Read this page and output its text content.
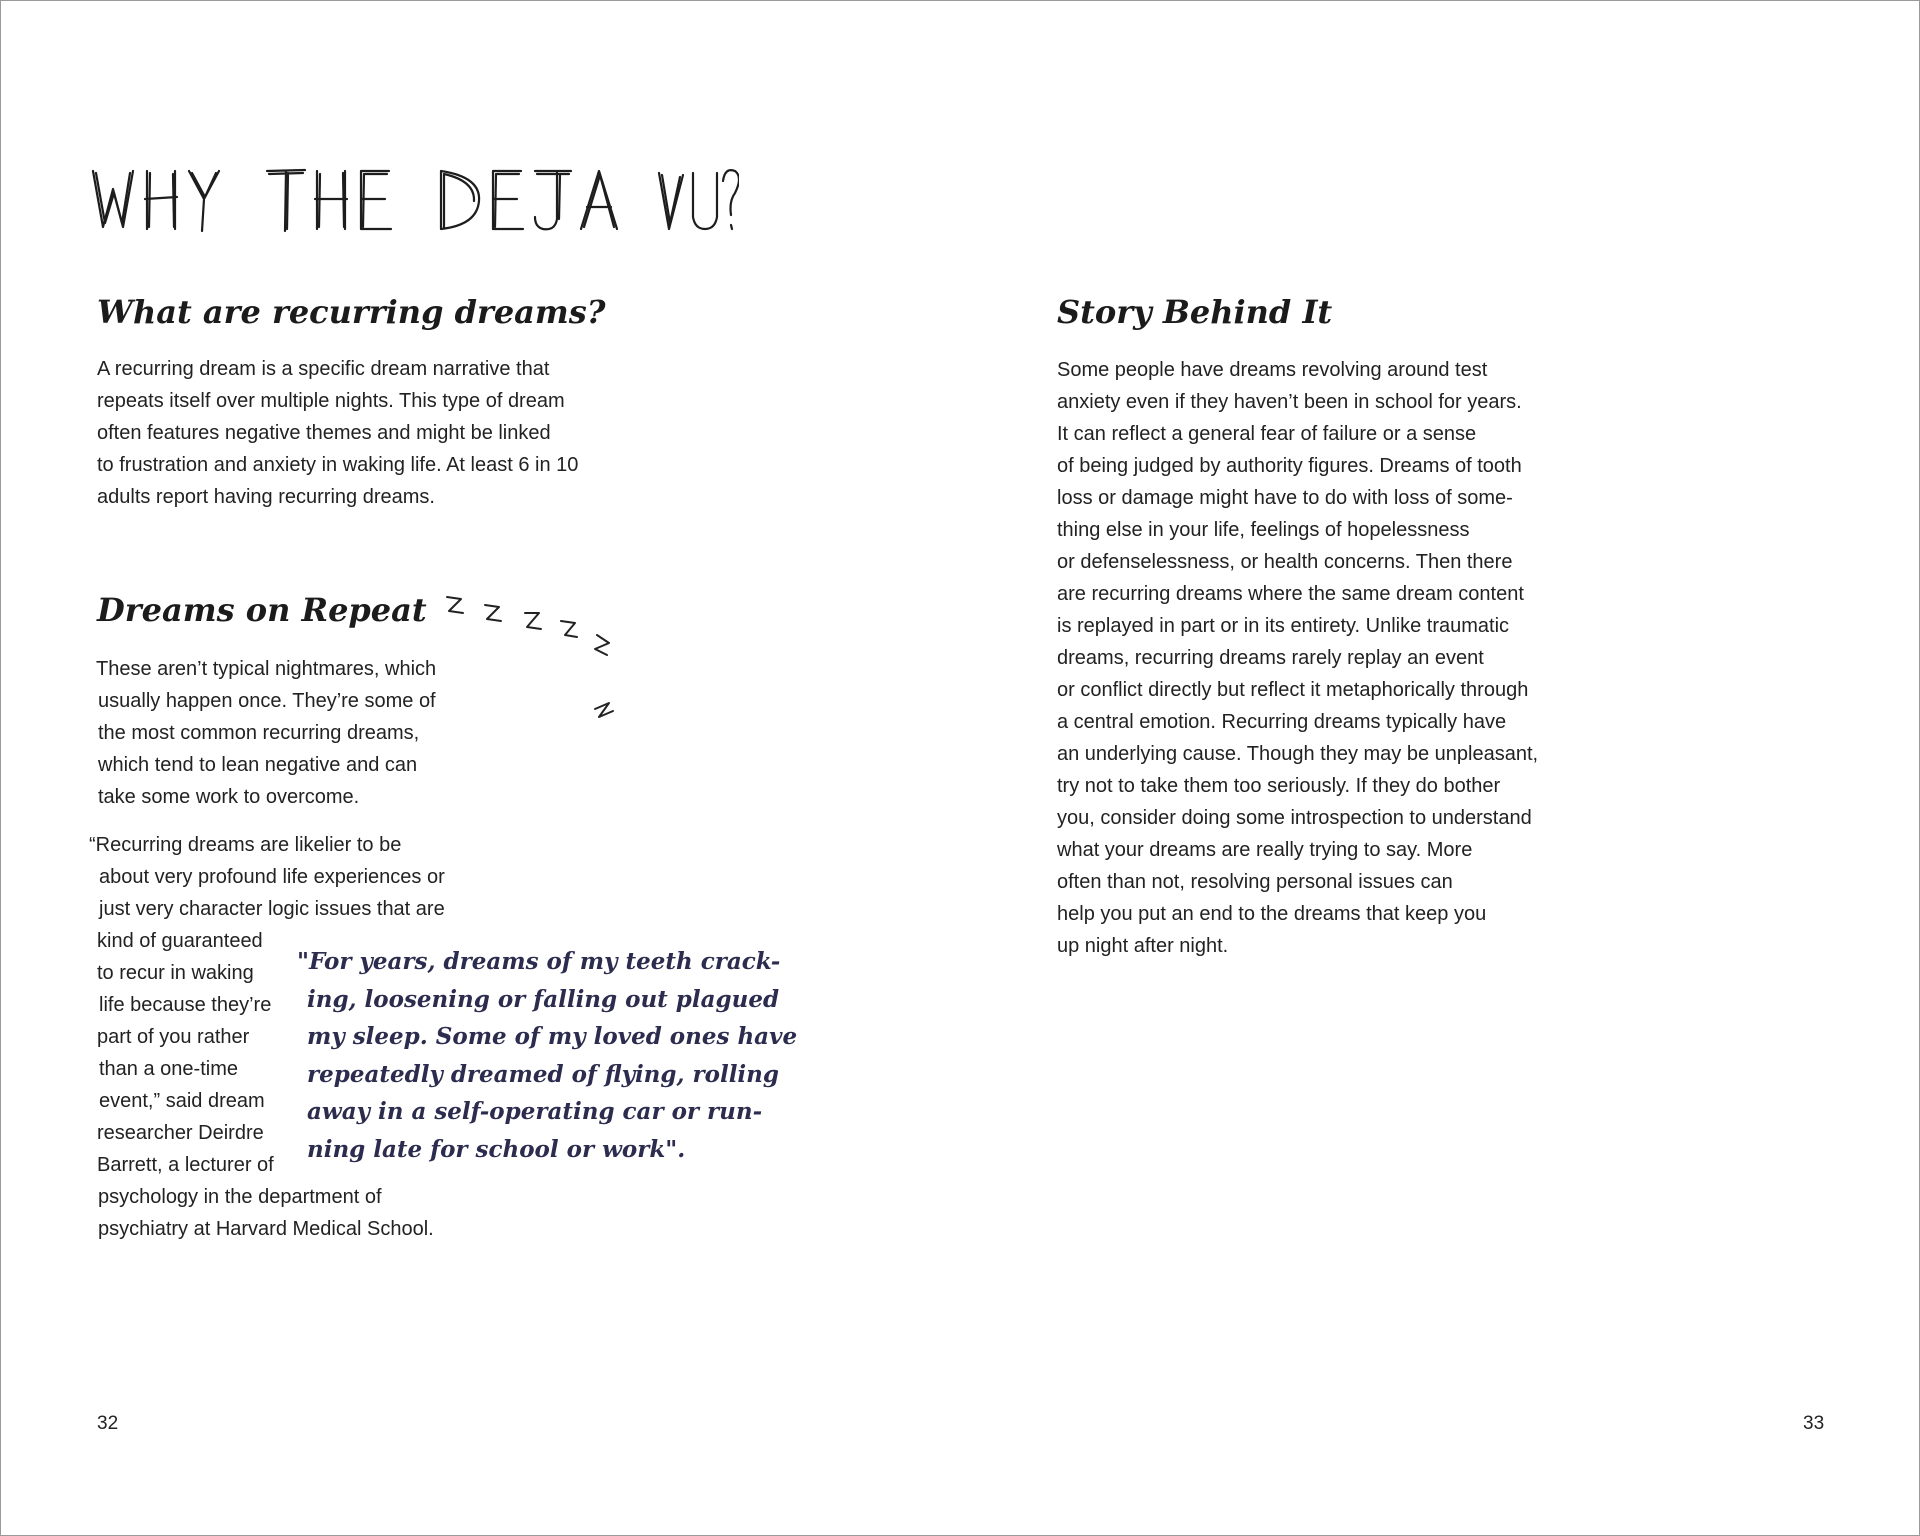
What are recurring dreams?
A recurring dream is a specific dream narrative that
repeats itself over multiple nights. This type of dream
often features negative themes and might be linked
to frustration and anxiety in waking life. At least 6 in 10
adults report having recurring dreams.
Dreams on Repeat
These aren’t typical nightmares, which
usually happen once. They’re some of
the most common recurring dreams,
which tend to lean negative and can
take some work to overcome.
“Recurring dreams are likelier to be
about very profound life experiences or
just very character logic issues that are
kind of guaranteed
to recur in waking
life because they’re
part of you rather
than a one-time
event,” said dream
researcher Deirdre
Barrett, a lecturer of
psychology in the department of
psychiatry at Harvard Medical School.
"For years, dreams of my teeth crack-
ing, loosening or falling out plagued
my sleep. Some of my loved ones have
repeatedly dreamed of flying, rolling
away in a self-operating car or run-
ning late for school or work".
32
Story Behind It
Some people have dreams revolving around test
anxiety even if they haven’t been in school for years.
It can reflect a general fear of failure or a sense
of being judged by authority figures. Dreams of tooth
loss or damage might have to do with loss of some-
thing else in your life, feelings of hopelessness
or defenselessness, or health concerns. Then there
are recurring dreams where the same dream content
is replayed in part or in its entirety. Unlike traumatic
dreams, recurring dreams rarely replay an event
or conflict directly but reflect it metaphorically through
a central emotion. Recurring dreams typically have
an underlying cause. Though they may be unpleasant,
try not to take them too seriously. If they do bother
you, consider doing some introspection to understand
what your dreams are really trying to say. More
often than not, resolving personal issues can
help you put an end to the dreams that keep you
up night after night.
33
